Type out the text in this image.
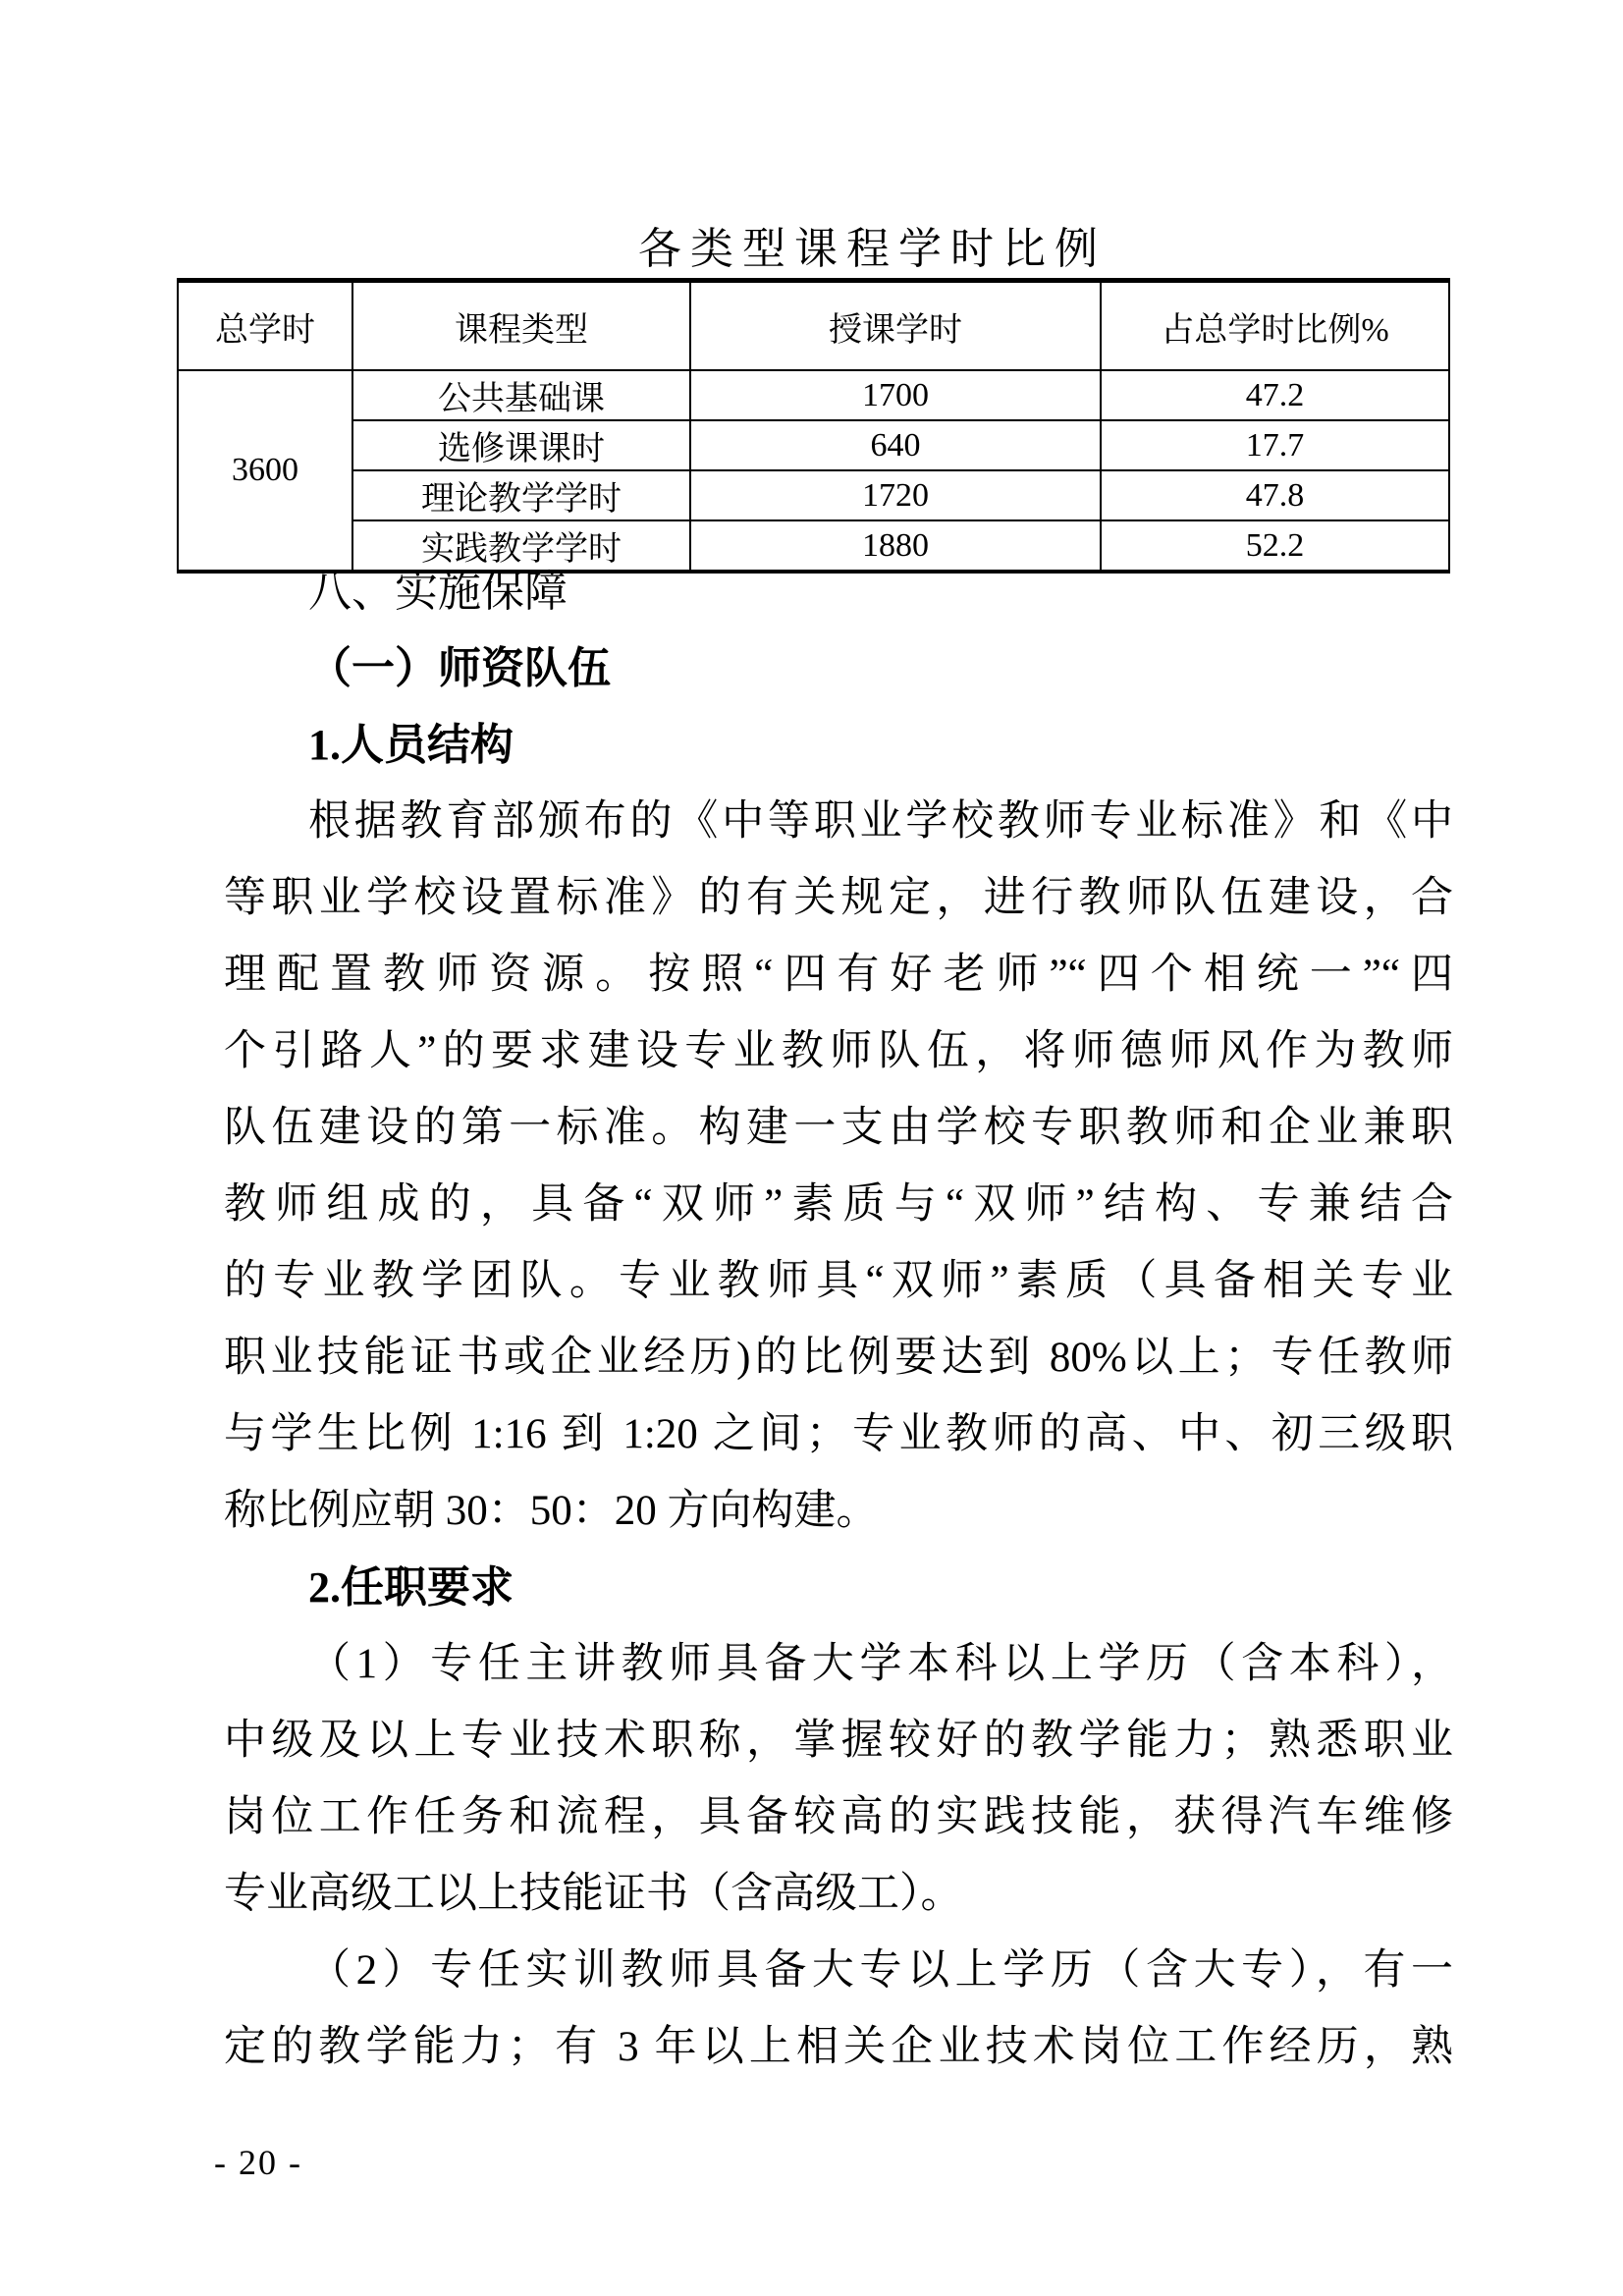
各类型课程学时比例
总学时	课程类型	授课学时	占总学时比例%
3600	公共基础课	1700	47.2
	选修课课时	640	17.7
	理论教学学时	1720	47.8
	实践教学学时	1880	52.2
八、实施保障
（一）师资队伍
1.人员结构
根据教育部颁布的《中等职业学校教师专业标准》和《中
等职业学校设置标准》的有关规定，进行教师队伍建设，合
理配置教师资源。按照“四有好老师”“四个相统一”“四
个引路人”的要求建设专业教师队伍，将师德师风作为教师
队伍建设的第一标准。构建一支由学校专职教师和企业兼职
教师组成的，具备“双师”素质与“双师”结构、专兼结合
的专业教学团队。专业教师具“双师”素质（具备相关专业
职业技能证书或企业经历)的比例要达到 80%以上；专任教师
与学生比例 1:16 到 1:20 之间；专业教师的高、中、初三级职
称比例应朝 30：50：20 方向构建。
2.任职要求
（1）专任主讲教师具备大学本科以上学历（含本科），
中级及以上专业技术职称，掌握较好的教学能力；熟悉职业
岗位工作任务和流程，具备较高的实践技能，获得汽车维修
专业高级工以上技能证书（含高级工）。
（2）专任实训教师具备大专以上学历（含大专），有一
定的教学能力；有 3 年以上相关企业技术岗位工作经历，熟
- 20 -
